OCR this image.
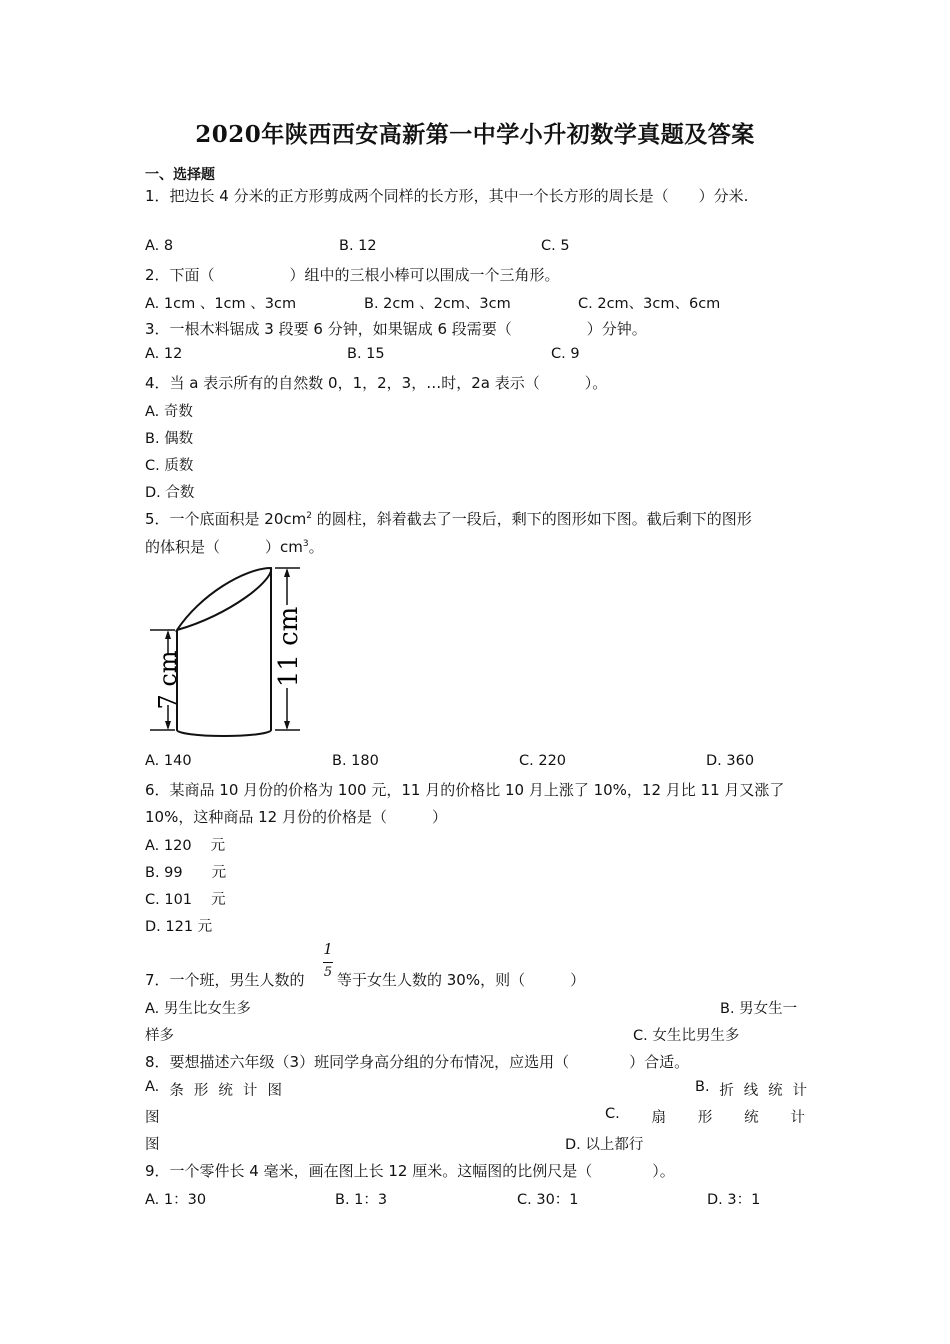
2020年陕西西安高新第一中学小升初数学真题及答案
一、选择题
1．把边长 4 分米的正方形剪成两个同样的长方形，其中一个长方形的周长是（　　）分米.
A. 8	B. 12	C. 5
2．下面（　　　　　）组中的三根小棒可以围成一个三角形。
A. 1cm 、1cm 、3cm	B. 2cm 、2cm、3cm	C. 2cm、3cm、6cm
3．一根木料锯成 3 段要 6 分钟，如果锯成 6 段需要（　　　　　）分钟。
A. 12	B. 15	C. 9
4．当 a 表示所有的自然数 0，1，2，3，…时，2a 表示（　　　）。
A. 奇数
B. 偶数
C. 质数
D. 合数
5．一个底面积是 $20cm^2$ 的圆柱，斜着截去了一段后，剩下的图形如下图。截后剩下的图形
的体积是（　　　）$cm^3$。
7 cm	11 cm
A. 140	B. 180	C. 220	D. 360
6．某商品 10 月份的价格为 100 元，11 月的价格比 10 月上涨了 10%，12 月比 11 月又涨了
10%，这种商品 12 月份的价格是（　　　）
A. 120　 元
B. 99　　元
C. 101　 元
D. 121 元
7．一个班，男生人数的
1
5 等于女生人数的 30%，则（　　　）
A. 男生比女生多	B. 男女生一
样多	C. 女生比男生多
8．要想描述六年级（3）班同学身高分组的分布情况，应选用（　　　　）合适。
A. 条 形 统 计 图	B. 折 线 统 计
图	C. 扇 形 统 计
图	D. 以上都行
9．一个零件长 4 毫米，画在图上长 12 厘米。这幅图的比例尺是（　　　　）。
A. 1：30	B. 1：3	C. 30：1	D. 3：1
